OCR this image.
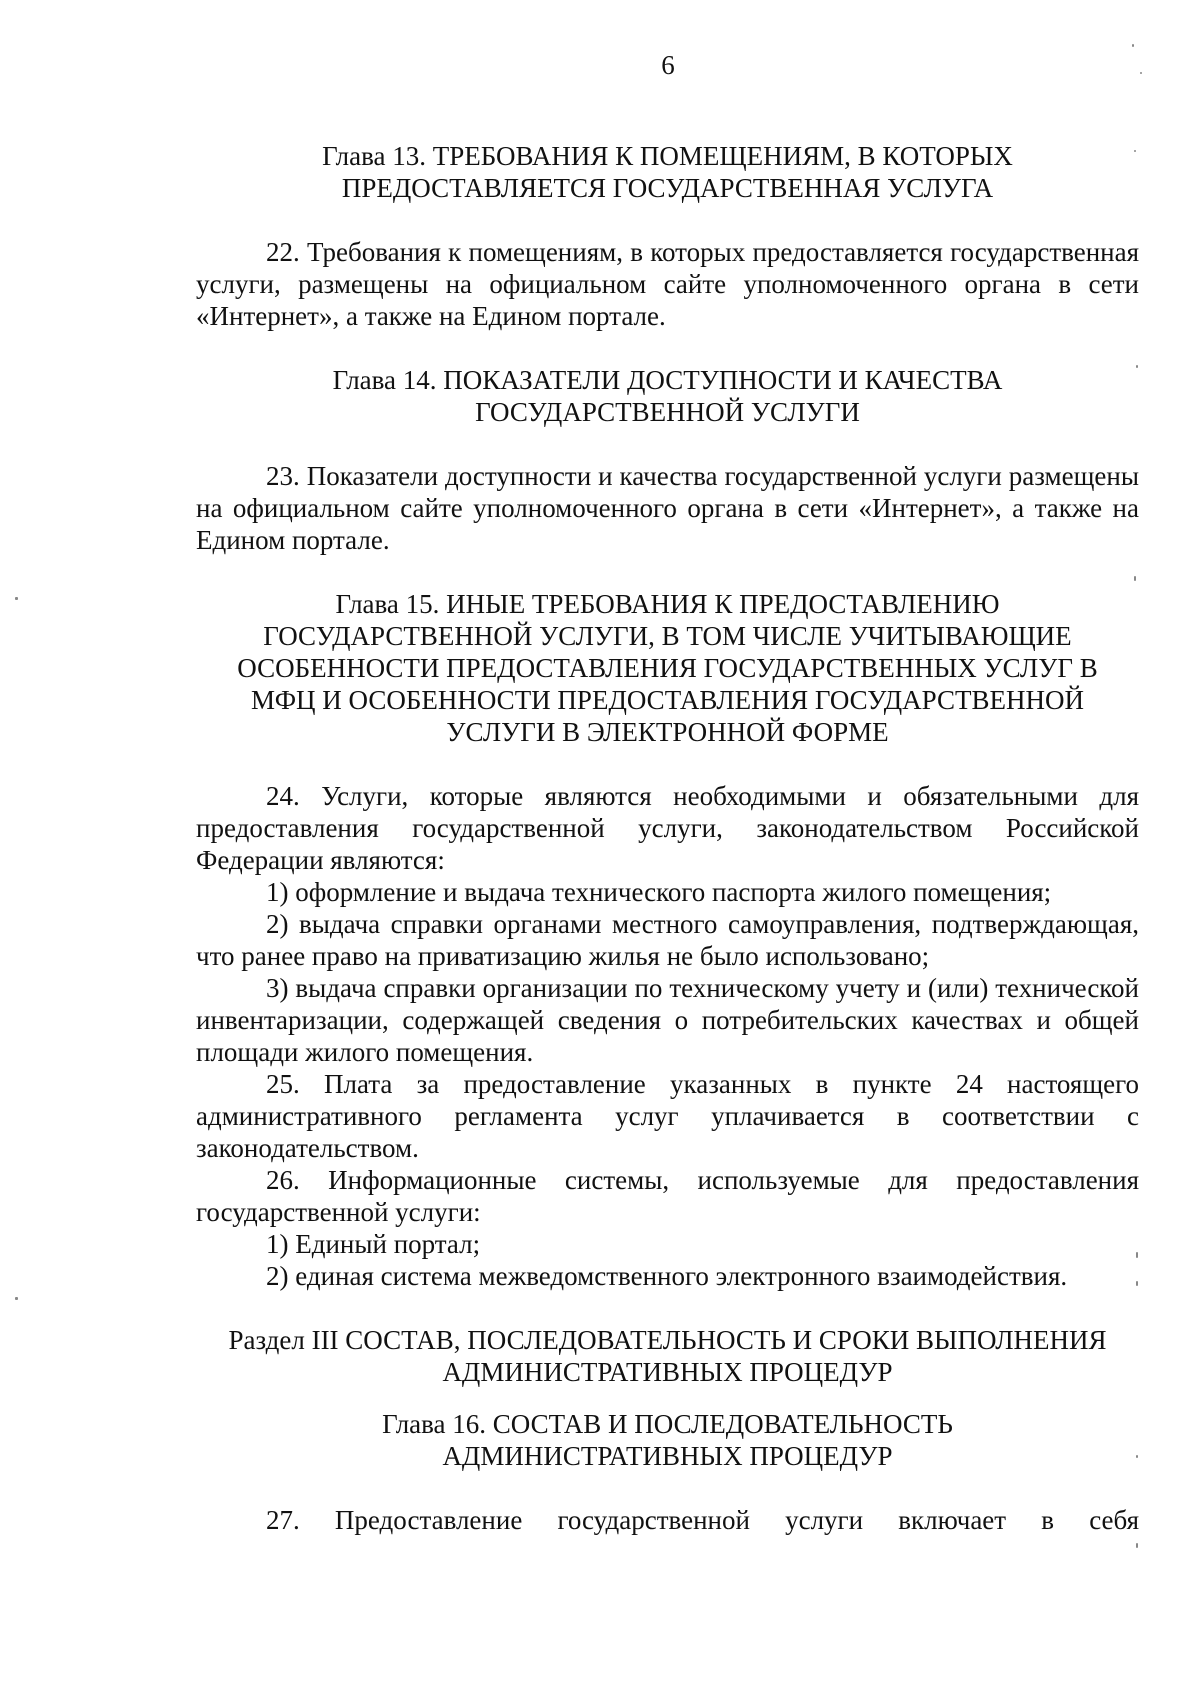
6
Глава 13. ТРЕБОВАНИЯ К ПОМЕЩЕНИЯМ, В КОТОРЫХ
ПРЕДОСТАВЛЯЕТСЯ ГОСУДАРСТВЕННАЯ УСЛУГА

22. Требования к помещениям, в которых предоставляется государственная услуги, размещены на официальном сайте уполномоченного органа в сети «Интернет», а также на Едином портале.

Глава 14. ПОКАЗАТЕЛИ ДОСТУПНОСТИ И КАЧЕСТВА
ГОСУДАРСТВЕННОЙ УСЛУГИ

23. Показатели доступности и качества государственной услуги размещены на официальном сайте уполномоченного органа в сети «Интернет», а также на Едином портале.

Глава 15. ИНЫЕ ТРЕБОВАНИЯ К ПРЕДОСТАВЛЕНИЮ
ГОСУДАРСТВЕННОЙ УСЛУГИ, В ТОМ ЧИСЛЕ УЧИТЫВАЮЩИЕ
ОСОБЕННОСТИ ПРЕДОСТАВЛЕНИЯ ГОСУДАРСТВЕННЫХ УСЛУГ В
МФЦ И ОСОБЕННОСТИ ПРЕДОСТАВЛЕНИЯ ГОСУДАРСТВЕННОЙ
УСЛУГИ В ЭЛЕКТРОННОЙ ФОРМЕ

24. Услуги, которые являются необходимыми и обязательными для предоставления государственной услуги, законодательством Российской Федерации являются:

1) оформление и выдача технического паспорта жилого помещения;

2) выдача справки органами местного самоуправления, подтверждающая, что ранее право на приватизацию жилья не было использовано;

3) выдача справки организации по техническому учету и (или) технической инвентаризации, содержащей сведения о потребительских качествах и общей площади жилого помещения.

25. Плата за предоставление указанных в пункте 24 настоящего административного регламента услуг уплачивается в соответствии с законодательством.

26. Информационные системы, используемые для предоставления государственной услуги:

1) Единый портал;

2) единая система межведомственного электронного взаимодействия.

Раздел III СОСТАВ, ПОСЛЕДОВАТЕЛЬНОСТЬ И СРОКИ ВЫПОЛНЕНИЯ
АДМИНИСТРАТИВНЫХ ПРОЦЕДУР
Глава 16. СОСТАВ И ПОСЛЕДОВАТЕЛЬНОСТЬ
АДМИНИСТРАТИВНЫХ ПРОЦЕДУР

27. Предоставление государственной услуги включает в себя
